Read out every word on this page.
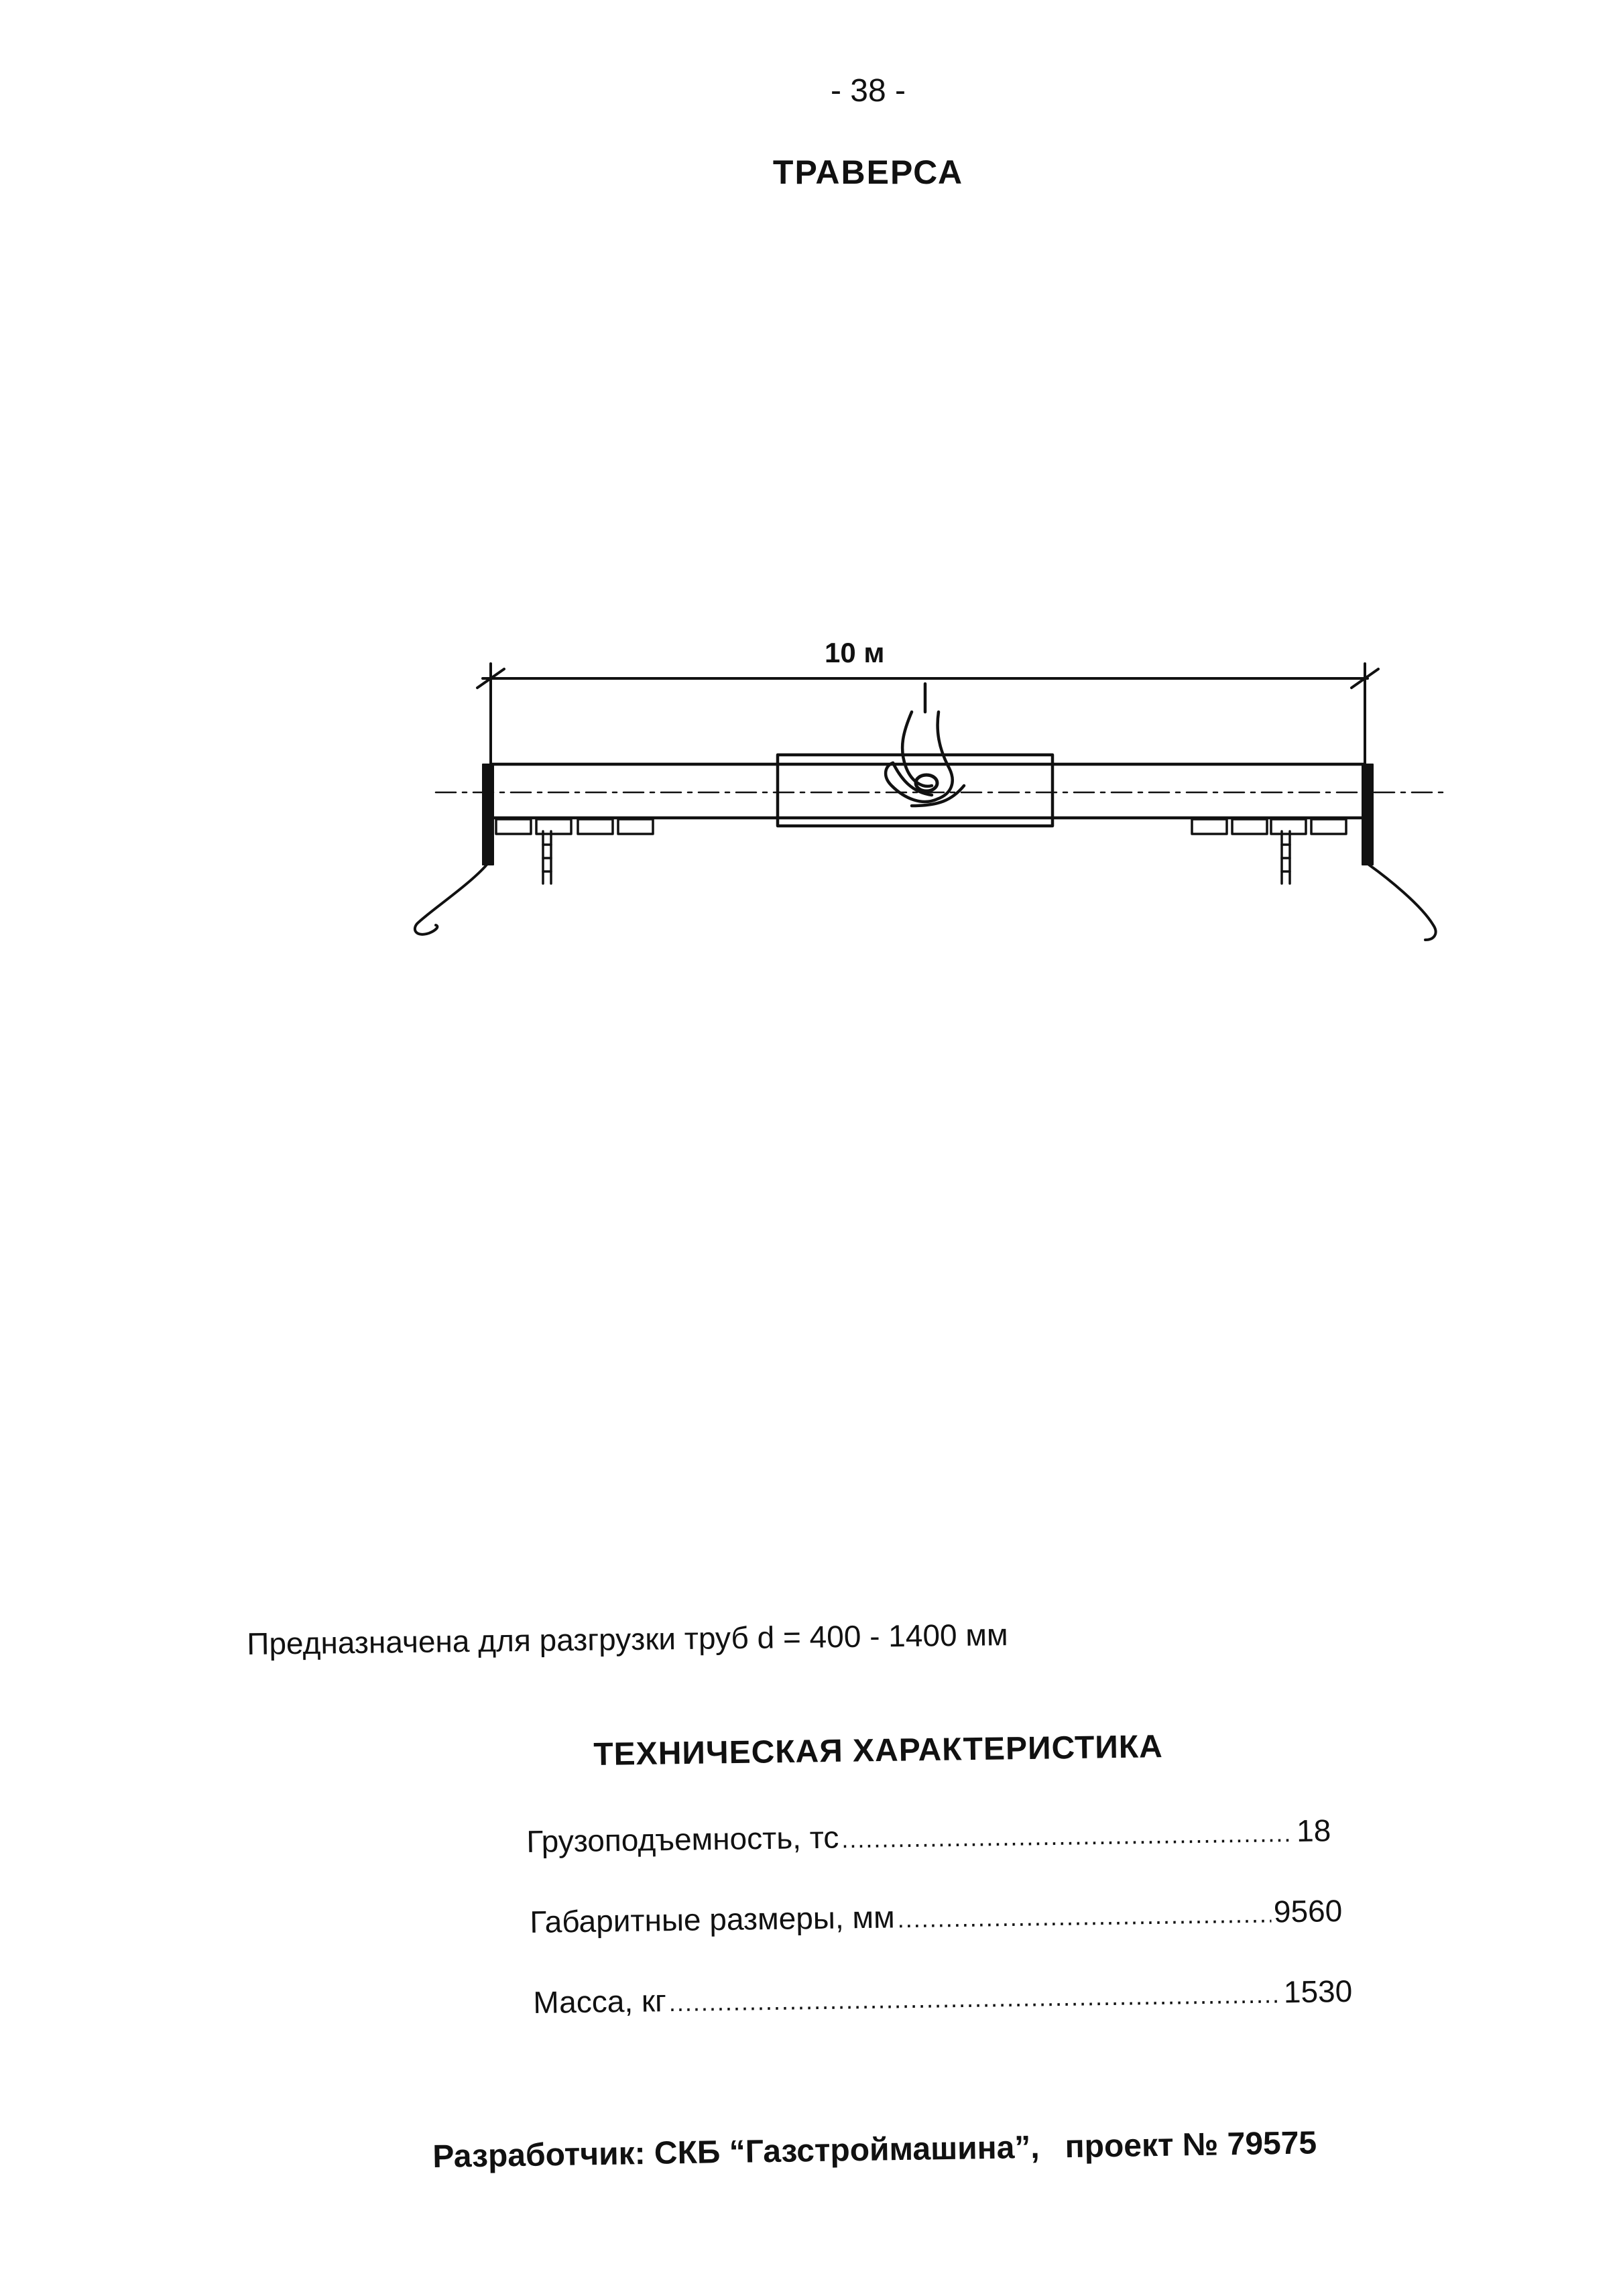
- 38 -
ТРАВЕРСА
10 м
Предназначена для разгрузки труб d = 400 - 1400 мм
ТЕХНИЧЕСКАЯ ХАРАКТЕРИСТИКА
Грузоподъемность, тс .....	18
Габаритные размеры, мм .....	9560
Масса, кг .....	1530
Разработчик: СКБ “Газстроймашина”, проект № 79575
